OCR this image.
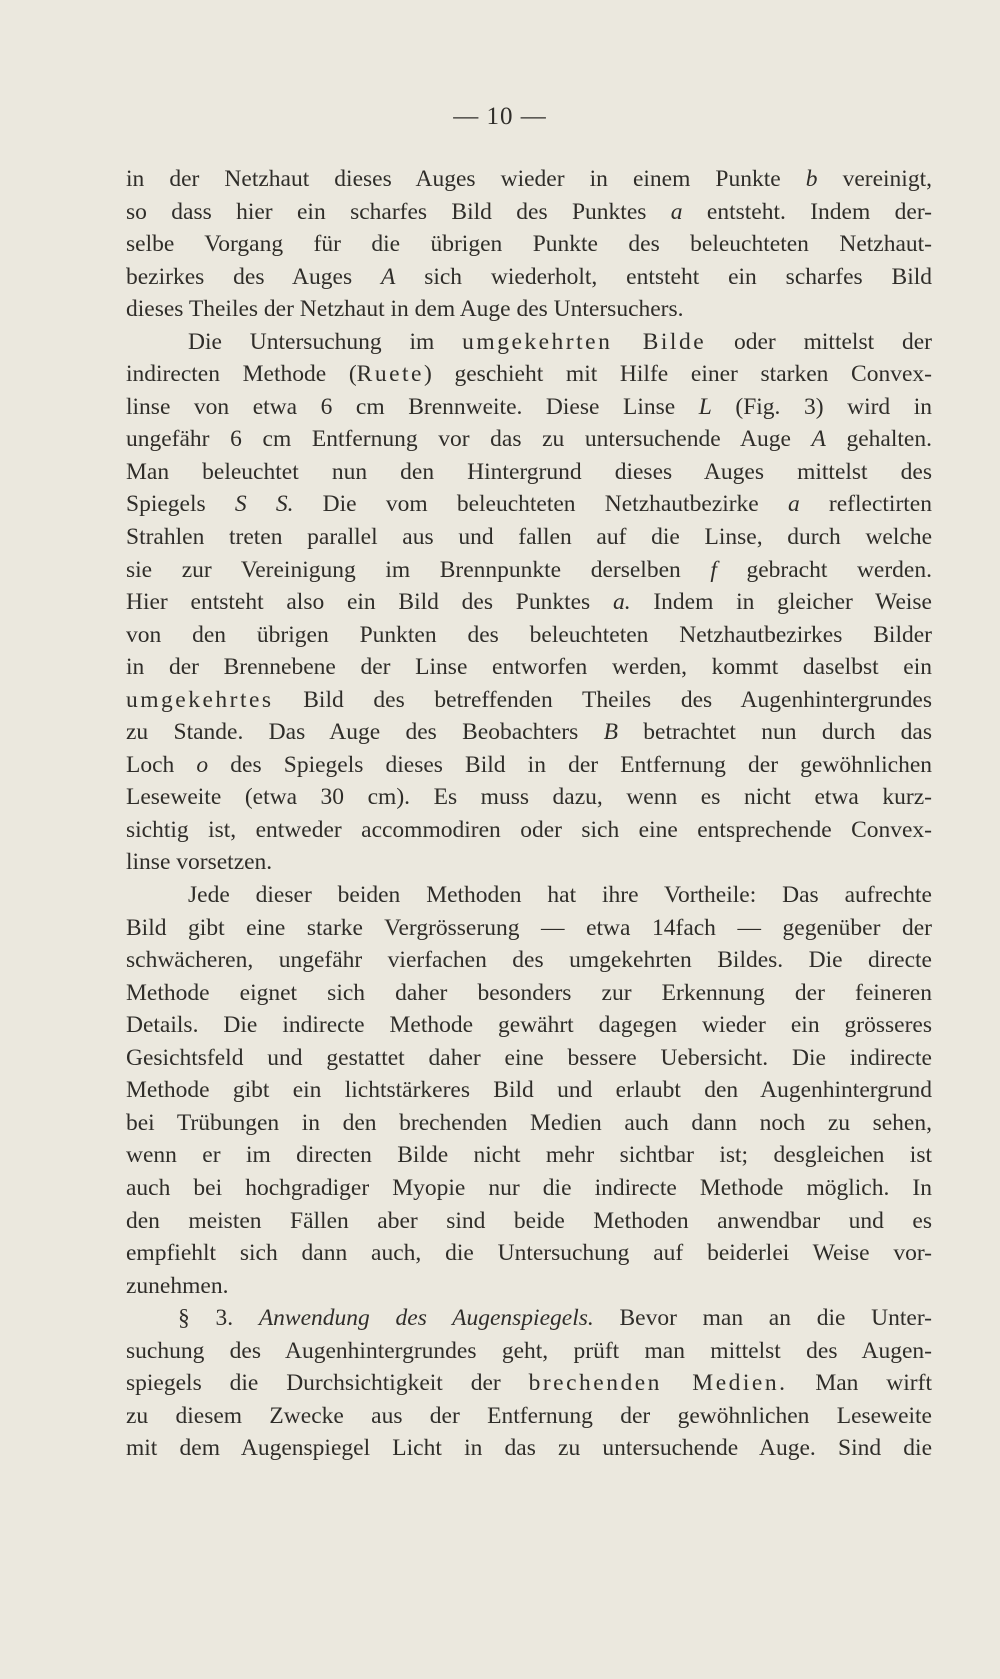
— 10 —
in der Netzhaut dieses Auges wieder in einem Punkte b vereinigt,
so dass hier ein scharfes Bild des Punktes a entsteht. Indem der-
selbe Vorgang für die übrigen Punkte des beleuchteten Netzhaut-
bezirkes des Auges A sich wiederholt, entsteht ein scharfes Bild
dieses Theiles der Netzhaut in dem Auge des Untersuchers.
Die Untersuchung im umgekehrten Bilde oder mittelst der
indirecten Methode (Ruete) geschieht mit Hilfe einer starken Convex-
linse von etwa 6 cm Brennweite. Diese Linse L (Fig. 3) wird in
ungefähr 6 cm Entfernung vor das zu untersuchende Auge A gehalten.
Man beleuchtet nun den Hintergrund dieses Auges mittelst des
Spiegels S S. Die vom beleuchteten Netzhautbezirke a reflectirten
Strahlen treten parallel aus und fallen auf die Linse, durch welche
sie zur Vereinigung im Brennpunkte derselben f gebracht werden.
Hier entsteht also ein Bild des Punktes a. Indem in gleicher Weise
von den übrigen Punkten des beleuchteten Netzhautbezirkes Bilder
in der Brennebene der Linse entworfen werden, kommt daselbst ein
umgekehrtes Bild des betreffenden Theiles des Augenhintergrundes
zu Stande. Das Auge des Beobachters B betrachtet nun durch das
Loch o des Spiegels dieses Bild in der Entfernung der gewöhnlichen
Leseweite (etwa 30 cm). Es muss dazu, wenn es nicht etwa kurz-
sichtig ist, entweder accommodiren oder sich eine entsprechende Convex-
linse vorsetzen.
Jede dieser beiden Methoden hat ihre Vortheile: Das aufrechte
Bild gibt eine starke Vergrösserung — etwa 14fach — gegenüber der
schwächeren, ungefähr vierfachen des umgekehrten Bildes. Die directe
Methode eignet sich daher besonders zur Erkennung der feineren
Details. Die indirecte Methode gewährt dagegen wieder ein grösseres
Gesichtsfeld und gestattet daher eine bessere Uebersicht. Die indirecte
Methode gibt ein lichtstärkeres Bild und erlaubt den Augenhintergrund
bei Trübungen in den brechenden Medien auch dann noch zu sehen,
wenn er im directen Bilde nicht mehr sichtbar ist; desgleichen ist
auch bei hochgradiger Myopie nur die indirecte Methode möglich. In
den meisten Fällen aber sind beide Methoden anwendbar und es
empfiehlt sich dann auch, die Untersuchung auf beiderlei Weise vor-
zunehmen.
§ 3. Anwendung des Augenspiegels. Bevor man an die Unter-
suchung des Augenhintergrundes geht, prüft man mittelst des Augen-
spiegels die Durchsichtigkeit der brechenden Medien. Man wirft
zu diesem Zwecke aus der Entfernung der gewöhnlichen Leseweite
mit dem Augenspiegel Licht in das zu untersuchende Auge. Sind die
